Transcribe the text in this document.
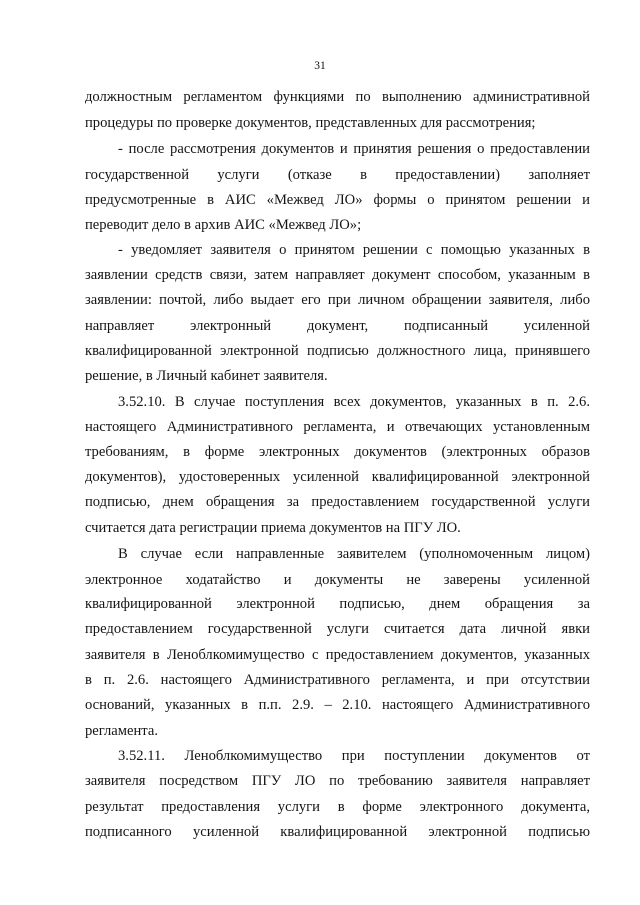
31
должностным регламентом функциями по выполнению административной
процедуры по проверке документов, представленных для рассмотрения;
- после рассмотрения документов и принятия решения о предоставлении
государственной услуги (отказе в предоставлении) заполняет
предусмотренные в АИС «Межвед ЛО» формы о принятом решении и
переводит дело в архив АИС «Межвед ЛО»;
- уведомляет заявителя о принятом решении с помощью указанных в
заявлении средств связи, затем направляет документ способом, указанным в
заявлении: почтой, либо выдает его при личном обращении заявителя, либо
направляет электронный документ, подписанный усиленной
квалифицированной электронной подписью должностного лица, принявшего
решение, в Личный кабинет заявителя.
3.52.10. В случае поступления всех документов, указанных в п. 2.6.
настоящего Административного регламента, и отвечающих установленным
требованиям, в форме электронных документов (электронных образов
документов), удостоверенных усиленной квалифицированной электронной
подписью, днем обращения за предоставлением государственной услуги
считается дата регистрации приема документов на ПГУ ЛО.
В случае если направленные заявителем (уполномоченным лицом)
электронное ходатайство и документы не заверены усиленной
квалифицированной электронной подписью, днем обращения за
предоставлением государственной услуги считается дата личной явки
заявителя в Леноблкомимущество с предоставлением документов, указанных
в п. 2.6. настоящего Административного регламента, и при отсутствии
оснований, указанных в п.п. 2.9. – 2.10. настоящего Административного
регламента.
3.52.11. Леноблкомимущество при поступлении документов от
заявителя посредством ПГУ ЛО по требованию заявителя направляет
результат предоставления услуги в форме электронного документа,
подписанного усиленной квалифицированной электронной подписью
